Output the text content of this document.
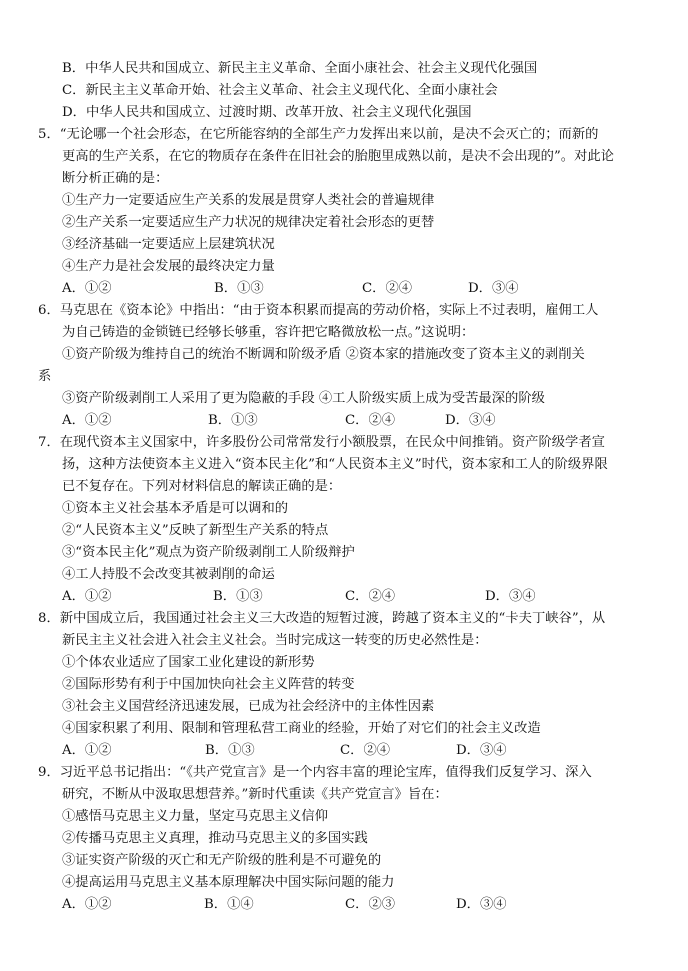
B．中华人民共和国成立、新民主主义革命、全面小康社会、社会主义现代化强国
C．新民主主义革命开始、社会主义革命、社会主义现代化、全面小康社会
D．中华人民共和国成立、过渡时期、改革开放、社会主义现代化强国
5．“无论哪一个社会形态，在它所能容纳的全部生产力发挥出来以前，是决不会灭亡的；而新的
更高的生产关系，在它的物质存在条件在旧社会的胎胞里成熟以前，是决不会出现的”。对此论
断分析正确的是：
①生产力一定要适应生产关系的发展是贯穿人类社会的普遍规律
②生产关系一定要适应生产力状况的规律决定着社会形态的更替
③经济基础一定要适应上层建筑状况
④生产力是社会发展的最终决定力量
A．①②	B．①③	C．②④	D．③④
6．马克思在《资本论》中指出：“由于资本积累而提高的劳动价格，实际上不过表明，雇佣工人
为自己铸造的金锁链已经够长够重，容许把它略微放松一点。”这说明：
①资产阶级为维持自己的统治不断调和阶级矛盾 ②资本家的措施改变了资本主义的剥削关
系
③资产阶级剥削工人采用了更为隐蔽的手段 ④工人阶级实质上成为受苦最深的阶级
A．①②	B．①③	C．②④	D．③④
7．在现代资本主义国家中，许多股份公司常常发行小额股票，在民众中间推销。资产阶级学者宣
扬，这种方法使资本主义进入“资本民主化”和“人民资本主义”时代，资本家和工人的阶级界限
已不复存在。下列对材料信息的解读正确的是：
①资本主义社会基本矛盾是可以调和的
②“人民资本主义”反映了新型生产关系的特点
③“资本民主化”观点为资产阶级剥削工人阶级辩护
④工人持股不会改变其被剥削的命运
A．①②	B．①③	C．②④	D．③④
8．新中国成立后，我国通过社会主义三大改造的短暂过渡，跨越了资本主义的“卡夫丁峡谷”，从
新民主主义社会进入社会主义社会。当时完成这一转变的历史必然性是：
①个体农业适应了国家工业化建设的新形势
②国际形势有利于中国加快向社会主义阵营的转变
③社会主义国营经济迅速发展，已成为社会经济中的主体性因素
④国家积累了利用、限制和管理私营工商业的经验，开始了对它们的社会主义改造
A．①②	B．①③	C．②④	D．③④
9．习近平总书记指出：“《共产党宣言》是一个内容丰富的理论宝库，值得我们反复学习、深入
研究，不断从中汲取思想营养。”新时代重读《共产党宣言》旨在：
①感悟马克思主义力量，坚定马克思主义信仰
②传播马克思主义真理，推动马克思主义的多国实践
③证实资产阶级的灭亡和无产阶级的胜利是不可避免的
④提高运用马克思主义基本原理解决中国实际问题的能力
A．①②	B．①④	C．②③	D．③④
